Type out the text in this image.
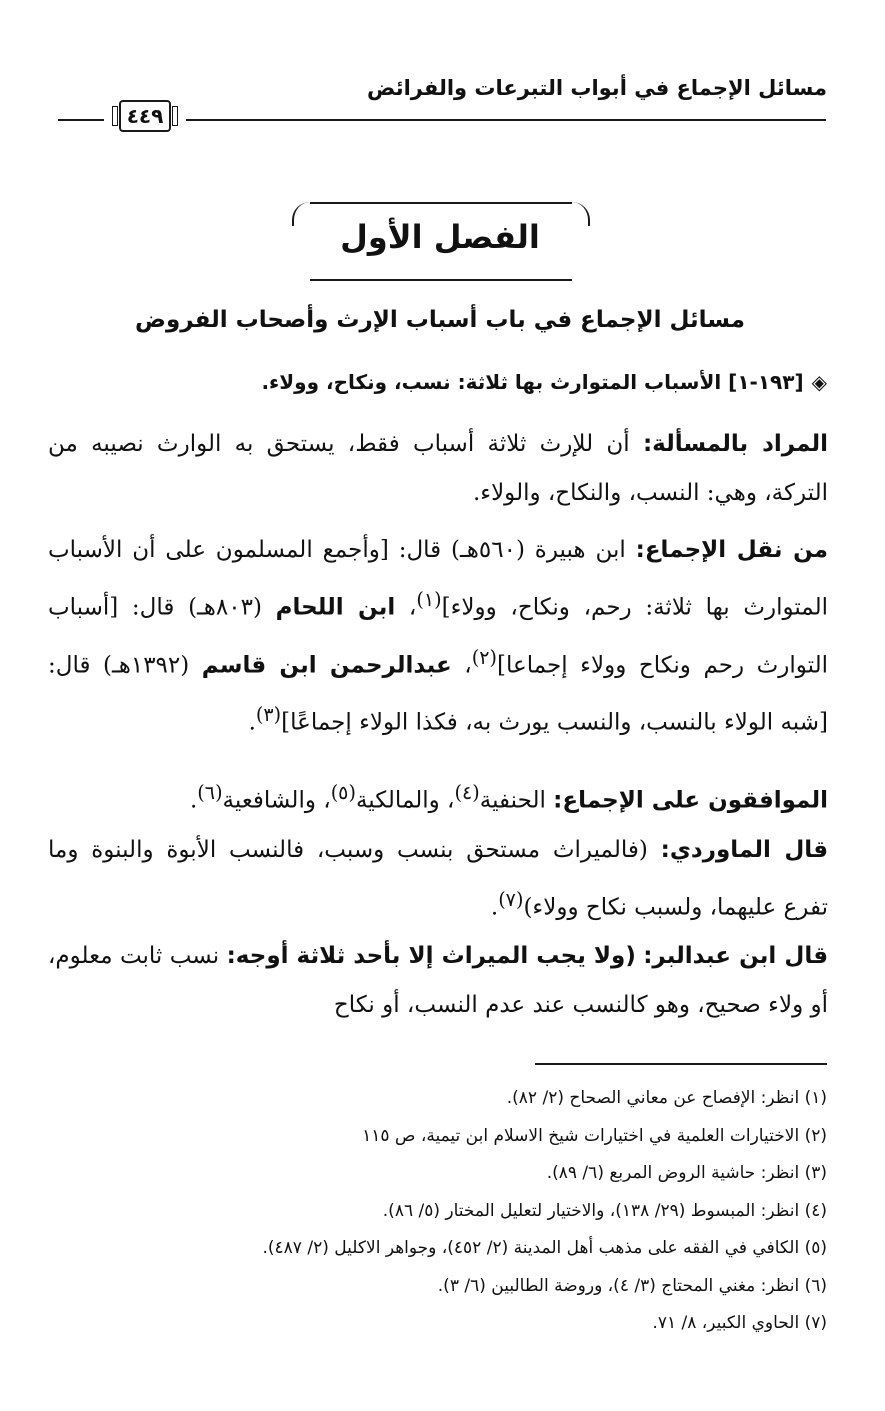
مسائل الإجماع في أبواب التبرعات والفرائض
٤٤٩
الفصل الأول
مسائل الإجماع في باب أسباب الإرث وأصحاب الفروض
◈[١٩٣-١] الأسباب المتوارث بها ثلاثة: نسب، ونكاح، وولاء.
المراد بالمسألة: أن للإرث ثلاثة أسباب فقط، يستحق به الوارث نصيبه من التركة، وهي: النسب، والنكاح، والولاء.
من نقل الإجماع: ابن هبيرة (٥٦٠هـ) قال: [وأجمع المسلمون على أن الأسباب المتوارث بها ثلاثة: رحم، ونكاح، وولاء]$^{(١)}$، ابن اللحام (٨٠٣هـ) قال: [أسباب التوارث رحم ونكاح وولاء إجماعا]$^{(٢)}$، عبدالرحمن ابن قاسم (١٣٩٢هـ) قال: [شبه الولاء بالنسب، والنسب يورث به، فكذا الولاء إجماعًا]$^{(٣)}$.
الموافقون على الإجماع: الحنفية$^{(٤)}$، والمالكية$^{(٥)}$، والشافعية$^{(٦)}$.
قال الماوردي: (فالميراث مستحق بنسب وسبب، فالنسب الأبوة والبنوة وما تفرع عليهما، ولسبب نكاح وولاء)$^{(٧)}$.
قال ابن عبدالبر: (ولا يجب الميراث إلا بأحد ثلاثة أوجه: نسب ثابت معلوم، أو ولاء صحيح، وهو كالنسب عند عدم النسب، أو نكاح
(١) انظر: الإفصاح عن معاني الصحاح (٢/ ٨٢).
(٢) الاختيارات العلمية في اختيارات شيخ الاسلام ابن تيمية، ص ١١٥
(٣) انظر: حاشية الروض المربع (٦/ ٨٩).
(٤) انظر: المبسوط (٢٩/ ١٣٨)، والاختيار لتعليل المختار (٥/ ٨٦).
(٥) الكافي في الفقه على مذهب أهل المدينة (٢/ ٤٥٢)، وجواهر الاكليل (٢/ ٤٨٧).
(٦) انظر: مغني المحتاج (٣/ ٤)، وروضة الطالبين (٦/ ٣).
(٧) الحاوي الكبير، ٨/ ٧١.
